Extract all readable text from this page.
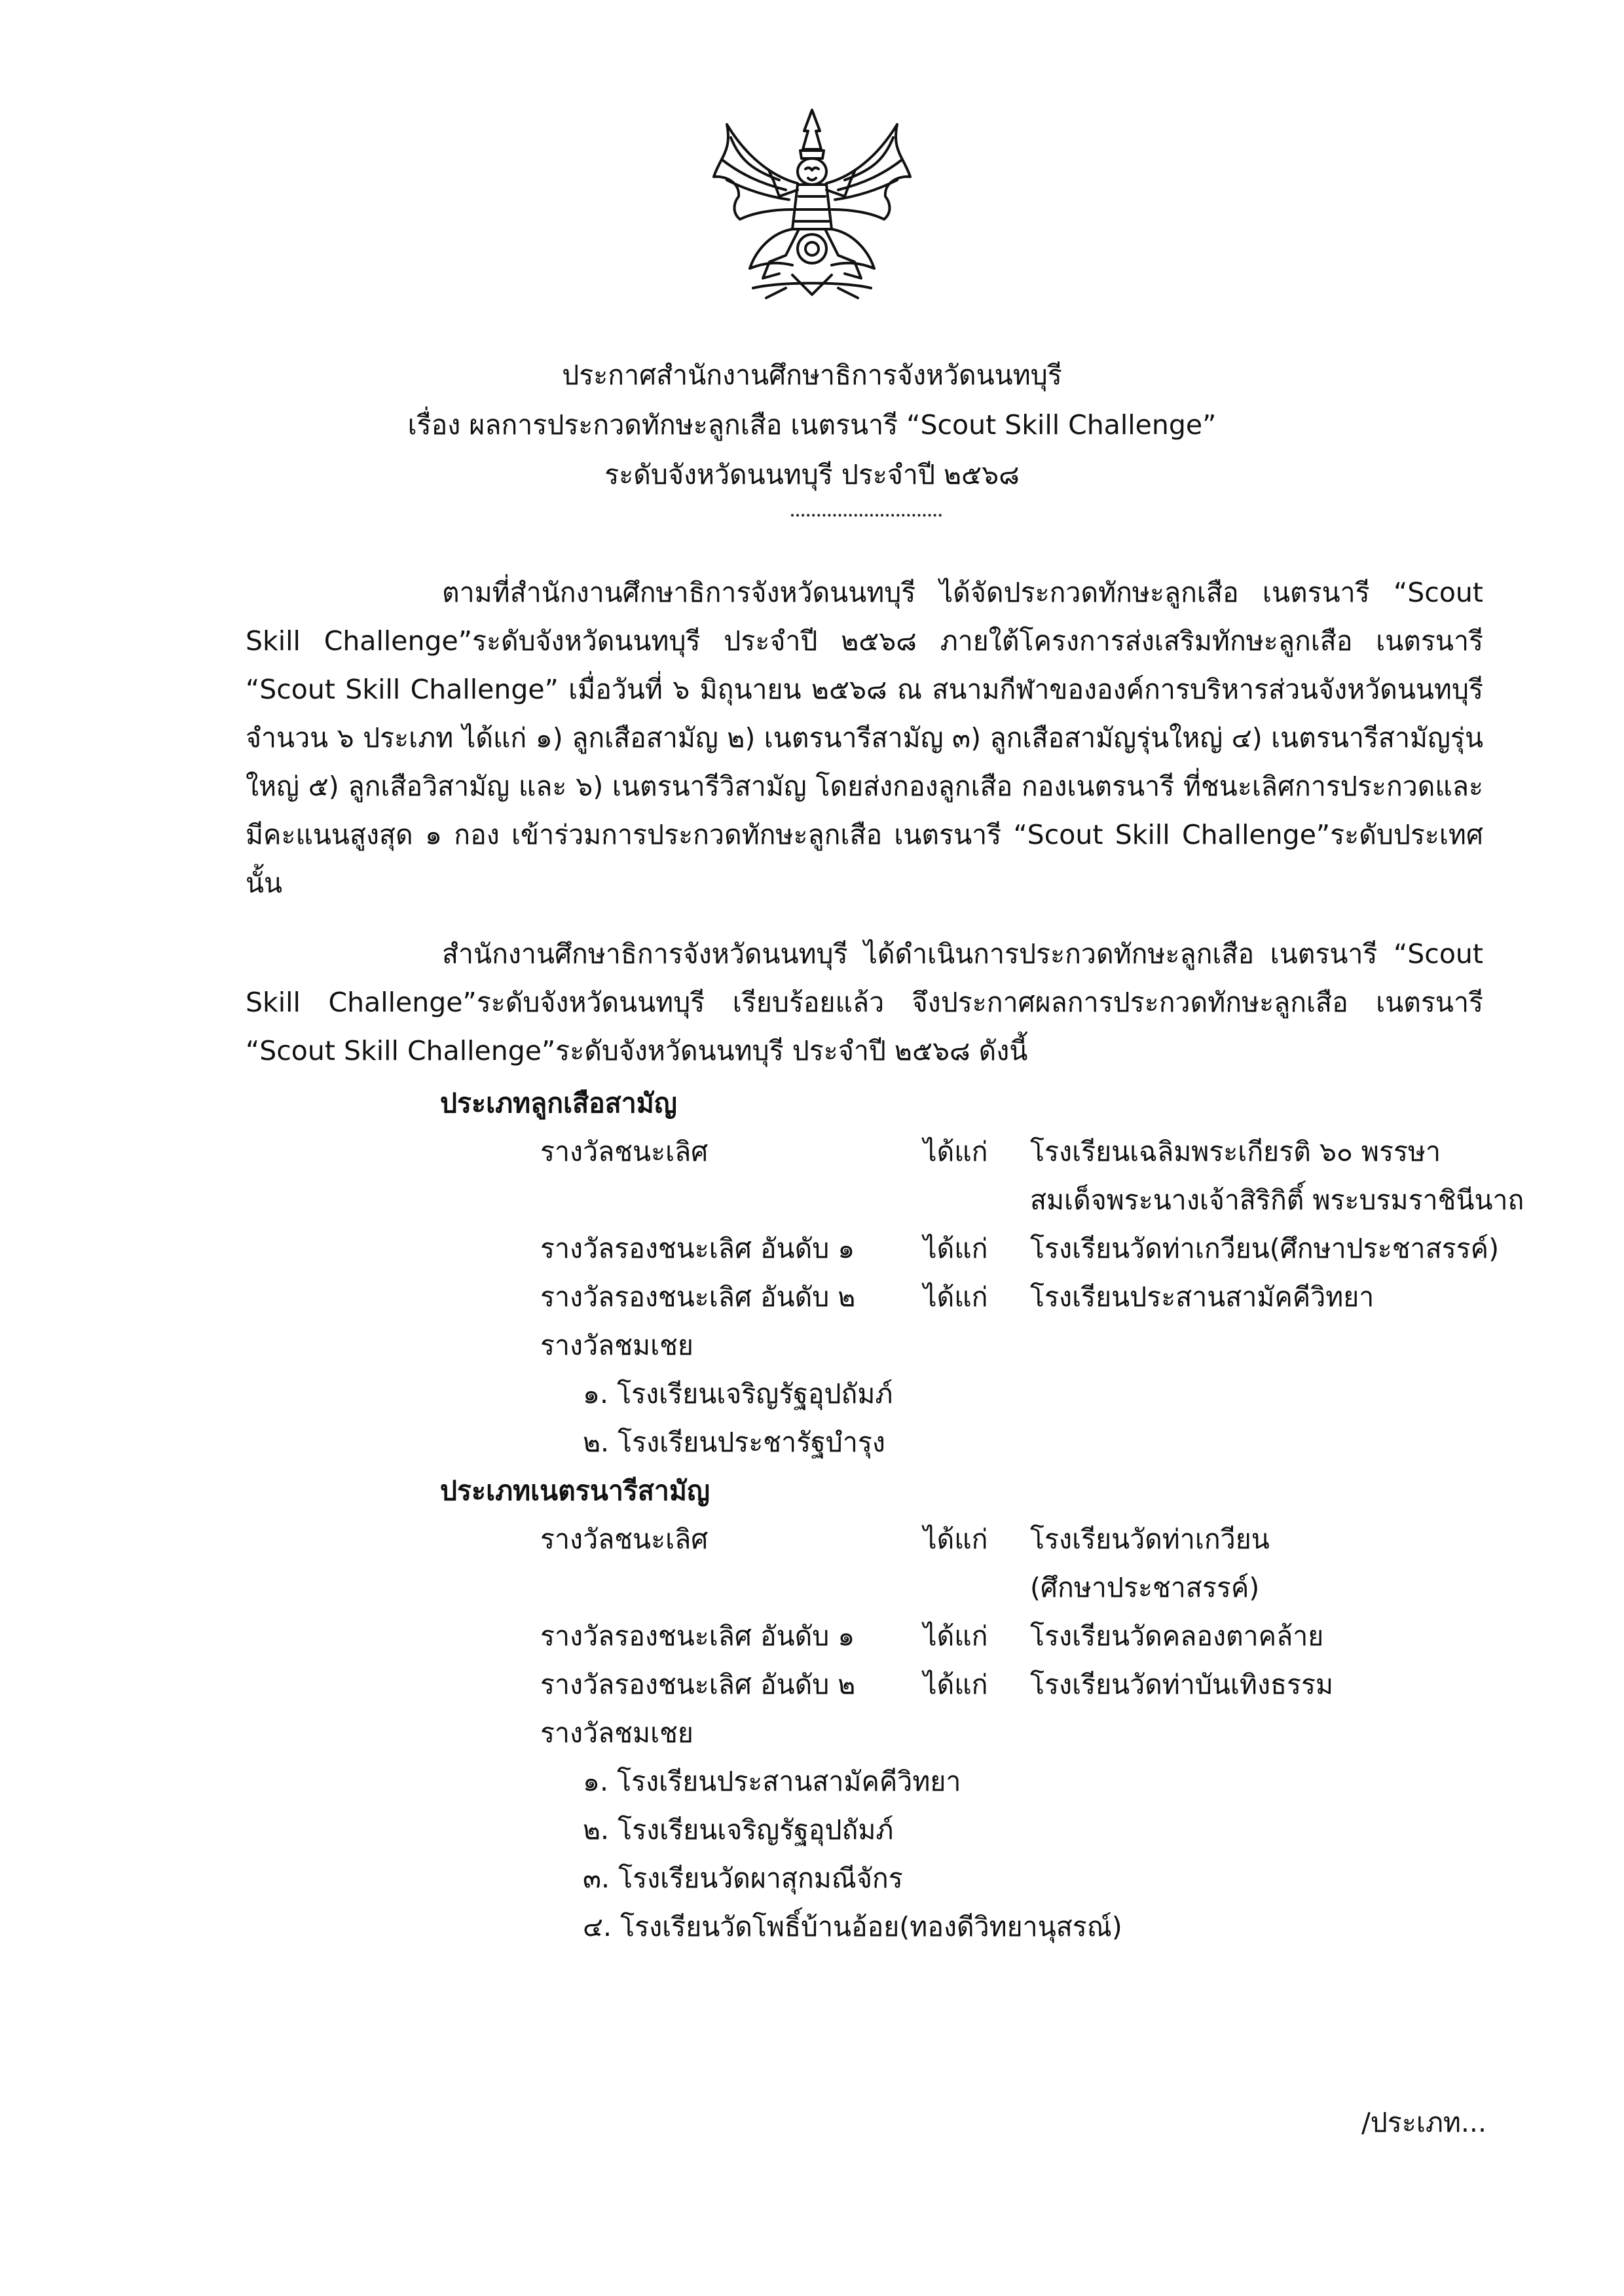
ประกาศสำนักงานศึกษาธิการจังหวัดนนทบุรี
เรื่อง ผลการประกวดทักษะลูกเสือ เนตรนารี “Scout Skill Challenge”
ระดับจังหวัดนนทบุรี ประจำปี ๒๕๖๘
ตามที่สำนักงานศึกษาธิการจังหวัดนนทบุรี ได้จัดประกวดทักษะลูกเสือ เนตรนารี “Scout Skill Challenge”ระดับจังหวัดนนทบุรี ประจำปี ๒๕๖๘ ภายใต้โครงการส่งเสริมทักษะลูกเสือ เนตรนารี “Scout Skill Challenge” เมื่อวันที่ ๖ มิถุนายน ๒๕๖๘ ณ สนามกีฬาขององค์การบริหารส่วนจังหวัดนนทบุรี จำนวน ๖ ประเภท ได้แก่ ๑) ลูกเสือสามัญ ๒) เนตรนารีสามัญ ๓) ลูกเสือสามัญรุ่นใหญ่ ๔) เนตรนารีสามัญรุ่นใหญ่ ๕) ลูกเสือวิสามัญ และ ๖) เนตรนารีวิสามัญ โดยส่งกองลูกเสือ กองเนตรนารี ที่ชนะเลิศการประกวดและมีคะแนนสูงสุด ๑ กอง เข้าร่วมการประกวดทักษะลูกเสือ เนตรนารี “Scout Skill Challenge”ระดับประเทศ นั้น
สำนักงานศึกษาธิการจังหวัดนนทบุรี ได้ดำเนินการประกวดทักษะลูกเสือ เนตรนารี “Scout Skill Challenge”ระดับจังหวัดนนทบุรี เรียบร้อยแล้ว จึงประกาศผลการประกวดทักษะลูกเสือ เนตรนารี “Scout Skill Challenge”ระดับจังหวัดนนทบุรี ประจำปี ๒๕๖๘ ดังนี้
ประเภทลูกเสือสามัญ
รางวัลชนะเลิศ	ได้แก่ โรงเรียนเฉลิมพระเกียรติ ๖๐ พรรษา
สมเด็จพระนางเจ้าสิริกิติ์ พระบรมราชินีนาถ
รางวัลรองชนะเลิศ อันดับ ๑	ได้แก่ โรงเรียนวัดท่าเกวียน(ศึกษาประชาสรรค์)
รางวัลรองชนะเลิศ อันดับ ๒	ได้แก่ โรงเรียนประสานสามัคคีวิทยา
รางวัลชมเชย
๑. โรงเรียนเจริญรัฐอุปถัมภ์
๒. โรงเรียนประชารัฐบำรุง
ประเภทเนตรนารีสามัญ
รางวัลชนะเลิศ	ได้แก่ โรงเรียนวัดท่าเกวียน
(ศึกษาประชาสรรค์)
รางวัลรองชนะเลิศ อันดับ ๑	ได้แก่ โรงเรียนวัดคลองตาคล้าย
รางวัลรองชนะเลิศ อันดับ ๒	ได้แก่ โรงเรียนวัดท่าบันเทิงธรรม
รางวัลชมเชย
๑. โรงเรียนประสานสามัคคีวิทยา
๒. โรงเรียนเจริญรัฐอุปถัมภ์
๓. โรงเรียนวัดผาสุกมณีจักร
๔. โรงเรียนวัดโพธิ์บ้านอ้อย(ทองดีวิทยานุสรณ์)
/ประเภท...
